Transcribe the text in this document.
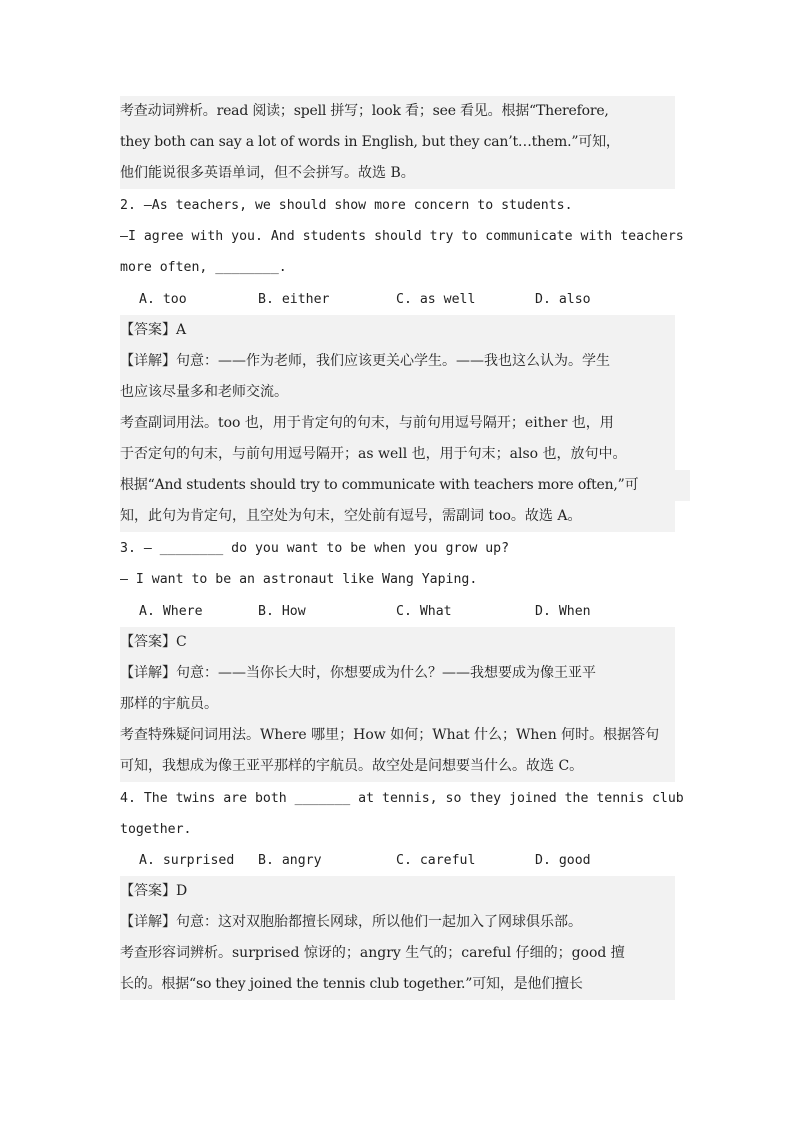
考查动词辨析。read 阅读；spell 拼写；look 看；see 看见。根据“Therefore,
they both can say a lot of words in English, but they can’t…them.”可知，
他们能说很多英语单词，但不会拼写。故选 B。
2. —As teachers, we should show more concern to students.
—I agree with you. And students should try to communicate with teachers
more often, ________.
A. too	B. either	C. as well	D. also
【答案】A
【详解】句意：——作为老师，我们应该更关心学生。——我也这么认为。学生
也应该尽量多和老师交流。
考查副词用法。too 也，用于肯定句的句末，与前句用逗号隔开；either 也，用
于否定句的句末，与前句用逗号隔开；as well 也，用于句末；also 也，放句中。
根据“And students should try to communicate with teachers more often,”可
知，此句为肯定句，且空处为句末，空处前有逗号，需副词 too。故选 A。
3. — ________ do you want to be when you grow up?
— I want to be an astronaut like Wang Yaping.
A. Where	B. How	C. What	D. When
【答案】C
【详解】句意：——当你长大时，你想要成为什么？——我想要成为像王亚平
那样的宇航员。
考查特殊疑问词用法。Where 哪里；How 如何；What 什么；When 何时。根据答句
可知，我想成为像王亚平那样的宇航员。故空处是问想要当什么。故选 C。
4. The twins are both _______ at tennis, so they joined the tennis club
together.
A. surprised B. angry	C. careful	D. good
【答案】D
【详解】句意：这对双胞胎都擅长网球，所以他们一起加入了网球俱乐部。
考查形容词辨析。surprised 惊讶的；angry 生气的；careful 仔细的；good 擅
长的。根据“so they joined the tennis club together.”可知，是他们擅长
